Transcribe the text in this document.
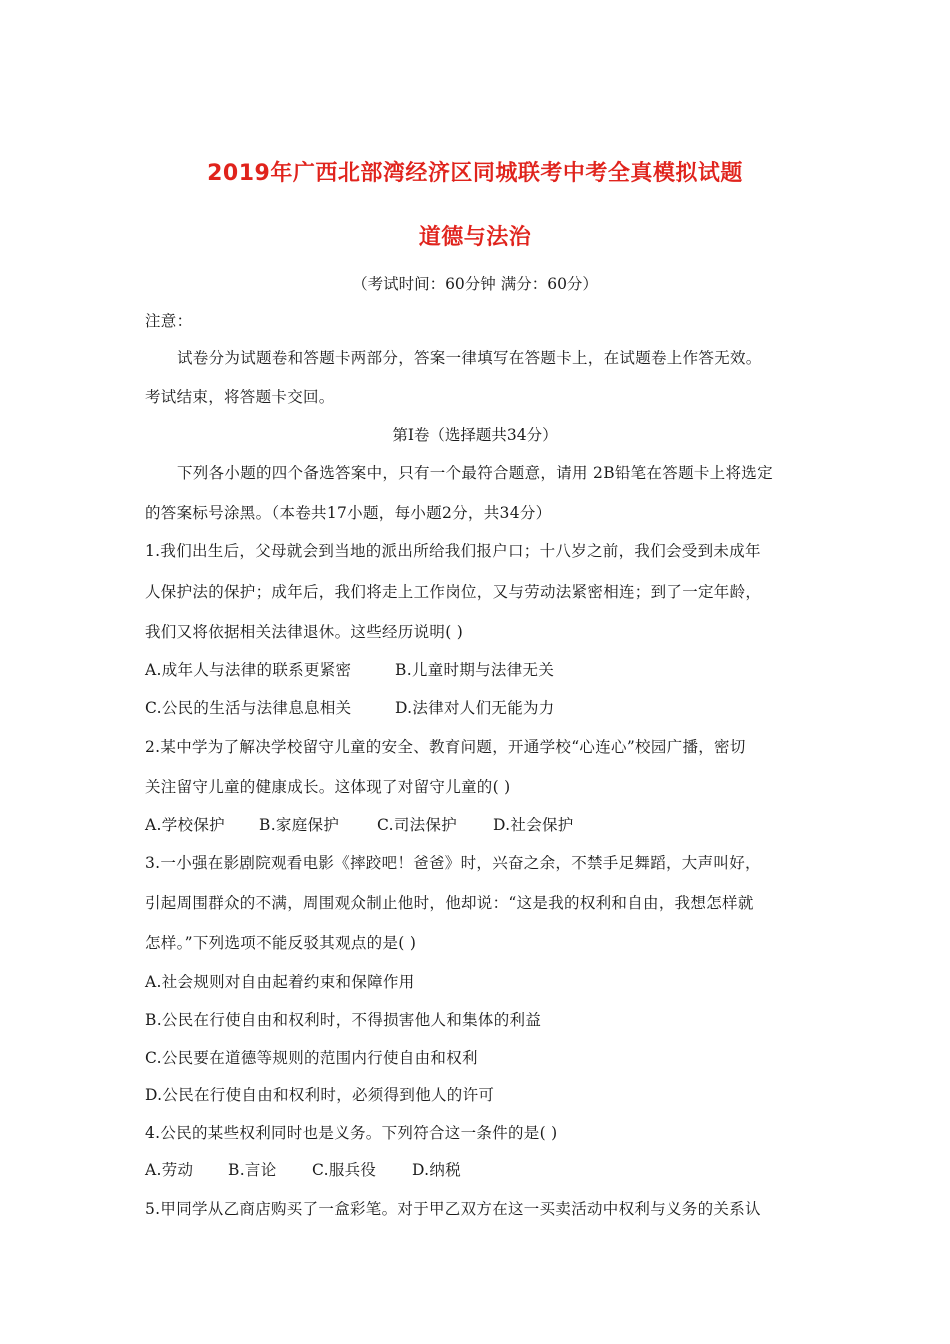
2019年广西北部湾经济区同城联考中考全真模拟试题
道德与法治
（考试时间：60分钟 满分：60分）
注意：
试卷分为试题卷和答题卡两部分，答案一律填写在答题卡上，在试题卷上作答无效。
考试结束，将答题卡交回。
第Ⅰ卷（选择题共34分）
下列各小题的四个备选答案中，只有一个最符合题意，请用 2B铅笔在答题卡上将选定
的答案标号涂黑。（本卷共17小题，每小题2分，共34分）
1.我们出生后，父母就会到当地的派出所给我们报户口；十八岁之前，我们会受到未成年
人保护法的保护；成年后，我们将走上工作岗位，又与劳动法紧密相连；到了一定年龄，
我们又将依据相关法律退休。这些经历说明( )
A.成年人与法律的联系更紧密	B.儿童时期与法律无关
C.公民的生活与法律息息相关	D.法律对人们无能为力
2.某中学为了解决学校留守儿童的安全、教育问题，开通学校“心连心”校园广播，密切
关注留守儿童的健康成长。这体现了对留守儿童的( )
A.学校保护 B.家庭保护 C.司法保护 D.社会保护
3.一小强在影剧院观看电影《摔跤吧！爸爸》时，兴奋之余，不禁手足舞蹈，大声叫好，
引起周围群众的不满，周围观众制止他时，他却说：“这是我的权利和自由，我想怎样就
怎样。”下列选项不能反驳其观点的是( )
A.社会规则对自由起着约束和保障作用
B.公民在行使自由和权利时，不得损害他人和集体的利益
C.公民要在道德等规则的范围内行使自由和权利
D.公民在行使自由和权利时，必须得到他人的许可
4.公民的某些权利同时也是义务。下列符合这一条件的是( )
A.劳动 B.言论 C.服兵役 D.纳税
5.甲同学从乙商店购买了一盒彩笔。对于甲乙双方在这一买卖活动中权利与义务的关系认
